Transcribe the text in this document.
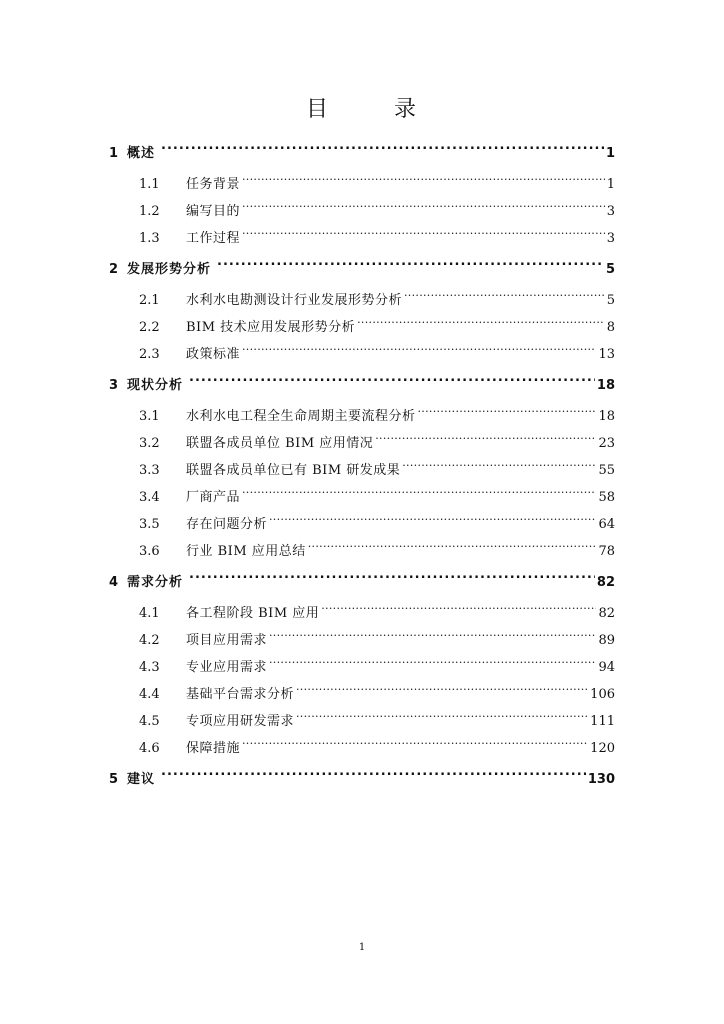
目	录
1 概述 .....	1
1.1	任务背景 .....	1
1.2	编写目的 .....	3
1.3	工作过程 .....	3
2 发展形势分析 .....	5
2.1	水利水电勘测设计行业发展形势分析 .....	5
2.2	BIM 技术应用发展形势分析 .....	8
2.3	政策标准 .....	13
3 现状分析 .....	18
3.1	水利水电工程全生命周期主要流程分析 .....	18
3.2	联盟各成员单位 BIM 应用情况 .....	23
3.3	联盟各成员单位已有 BIM 研发成果 .....	55
3.4	厂商产品 .....	58
3.5	存在问题分析 .....	64
3.6	行业 BIM 应用总结 .....	78
4 需求分析 .....	82
4.1	各工程阶段 BIM 应用 .....	82
4.2	项目应用需求 .....	89
4.3	专业应用需求 .....	94
4.4	基础平台需求分析 .....	106
4.5	专项应用研发需求 .....	111
4.6	保障措施 .....	120
5 建议 .....	130
1
